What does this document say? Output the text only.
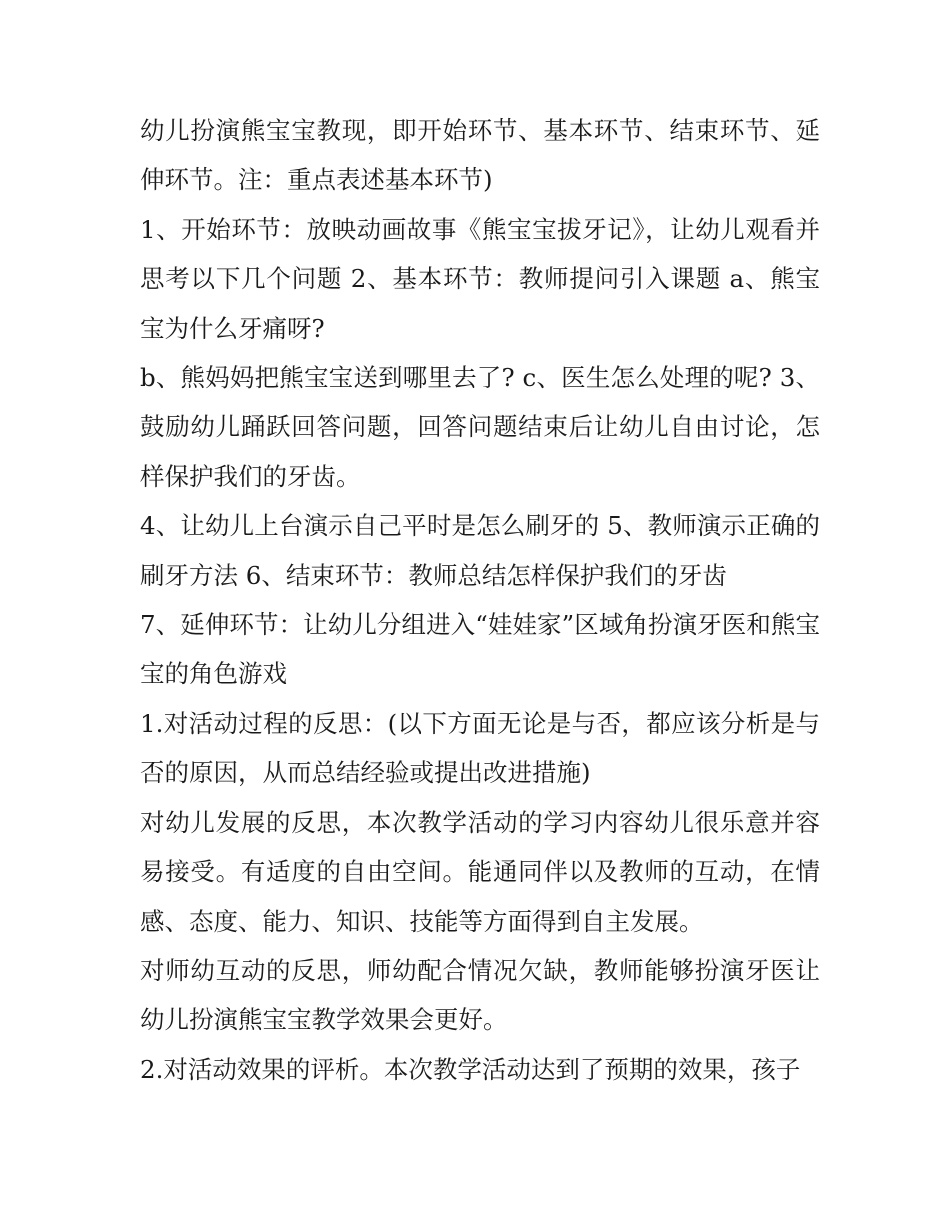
幼儿扮演熊宝宝教现，即开始环节、基本环节、结束环节、延伸环节。注：重点表述基本环节)

1、开始环节：放映动画故事《熊宝宝拔牙记》，让幼儿观看并思考以下几个问题 2、基本环节：教师提问引入课题 a、熊宝宝为什么牙痛呀?

b、熊妈妈把熊宝宝送到哪里去了? c、医生怎么处理的呢? 3、鼓励幼儿踊跃回答问题，回答问题结束后让幼儿自由讨论，怎样保护我们的牙齿。

4、让幼儿上台演示自己平时是怎么刷牙的 5、教师演示正确的刷牙方法 6、结束环节：教师总结怎样保护我们的牙齿

7、延伸环节：让幼儿分组进入“娃娃家”区域角扮演牙医和熊宝宝的角色游戏

1.对活动过程的反思：(以下方面无论是与否，都应该分析是与否的原因，从而总结经验或提出改进措施)

对幼儿发展的反思，本次教学活动的学习内容幼儿很乐意并容易接受。有适度的自由空间。能通同伴以及教师的互动，在情感、态度、能力、知识、技能等方面得到自主发展。

对师幼互动的反思，师幼配合情况欠缺，教师能够扮演牙医让幼儿扮演熊宝宝教学效果会更好。

2.对活动效果的评析。本次教学活动达到了预期的效果，孩子
